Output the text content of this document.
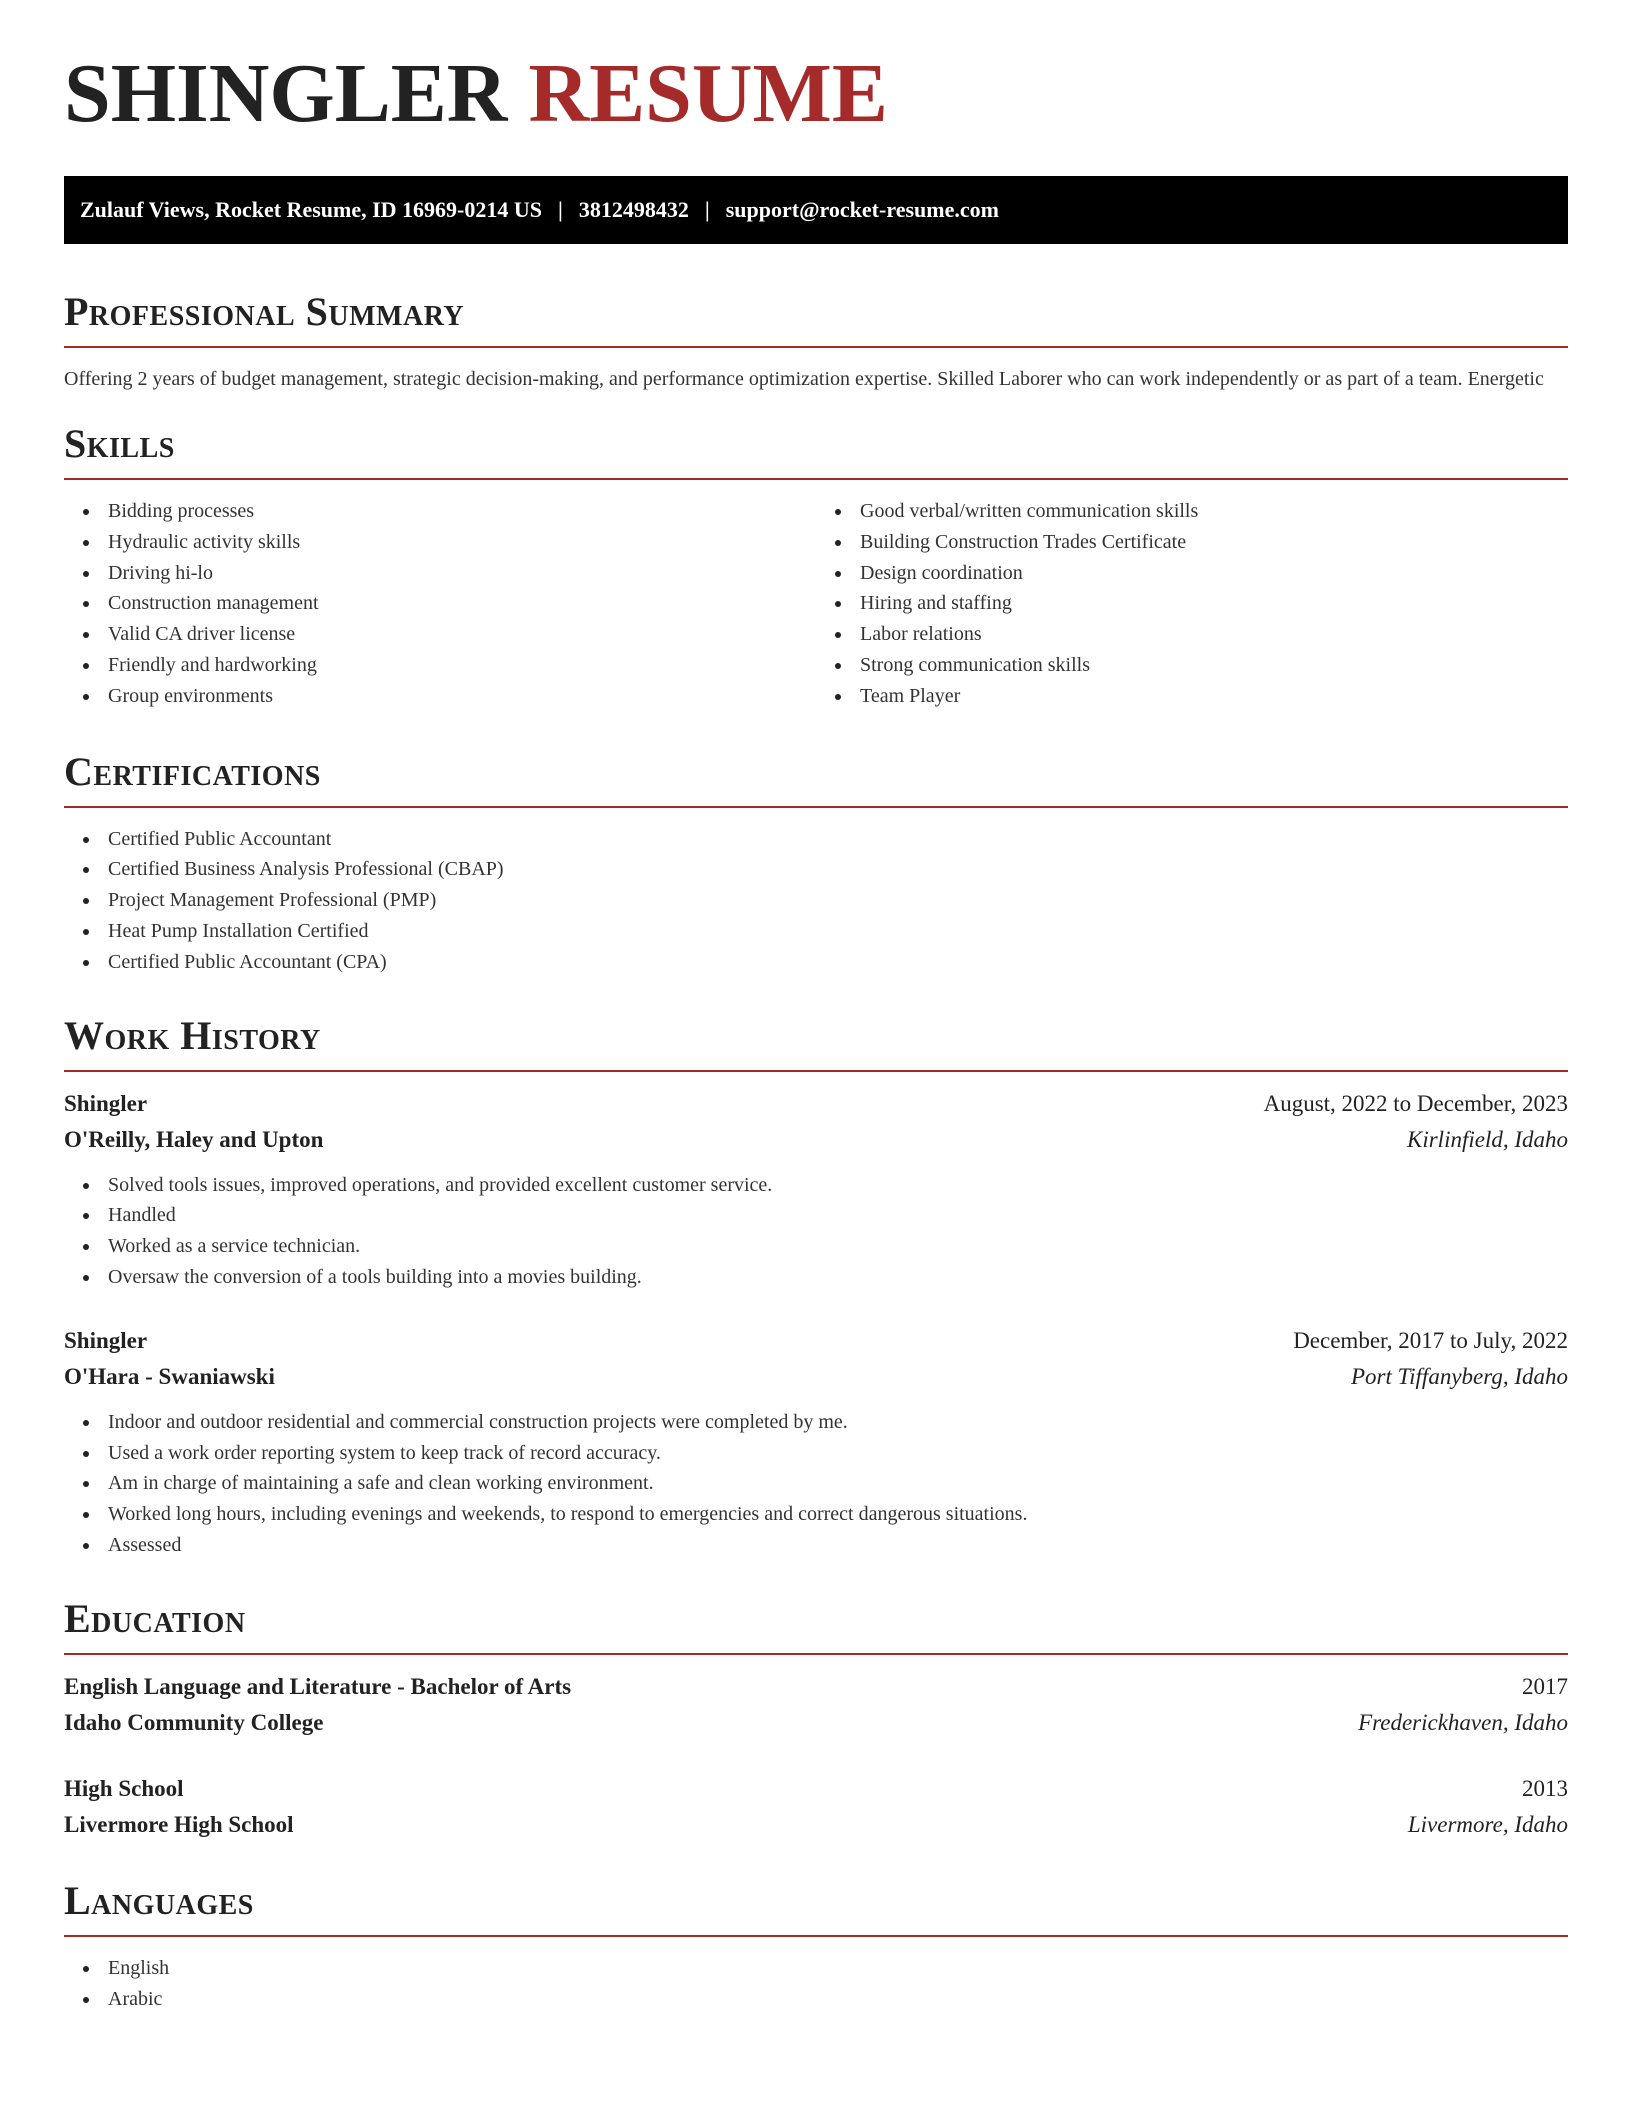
SHINGLER RESUME
Zulauf Views, Rocket Resume, ID 16969-0214 US | 3812498432 | support@rocket-resume.com
Professional Summary

Offering 2 years of budget management, strategic decision-making, and performance optimization expertise. Skilled Laborer who can work independently or as part of a team. Energetic

Skills
Bidding processes
Hydraulic activity skills
Driving hi-lo
Construction management
Valid CA driver license
Friendly and hardworking
Group environments
Good verbal/written communication skills
Building Construction Trades Certificate
Design coordination
Hiring and staffing
Labor relations
Strong communication skills
Team Player
Certifications
Certified Public Accountant
Certified Business Analysis Professional (CBAP)
Project Management Professional (PMP)
Heat Pump Installation Certified
Certified Public Accountant (CPA)
Work History
Shingler	August, 2022 to December, 2023
O'Reilly, Haley and Upton	Kirlinfield, Idaho
Solved tools issues, improved operations, and provided excellent customer service.
Handled
Worked as a service technician.
Oversaw the conversion of a tools building into a movies building.
Shingler	December, 2017 to July, 2022
O'Hara - Swaniawski	Port Tiffanyberg, Idaho
Indoor and outdoor residential and commercial construction projects were completed by me.
Used a work order reporting system to keep track of record accuracy.
Am in charge of maintaining a safe and clean working environment.
Worked long hours, including evenings and weekends, to respond to emergencies and correct dangerous situations.
Assessed
Education
English Language and Literature - Bachelor of Arts	2017
Idaho Community College	Frederickhaven, Idaho
High School	2013
Livermore High School	Livermore, Idaho
Languages
English
Arabic
